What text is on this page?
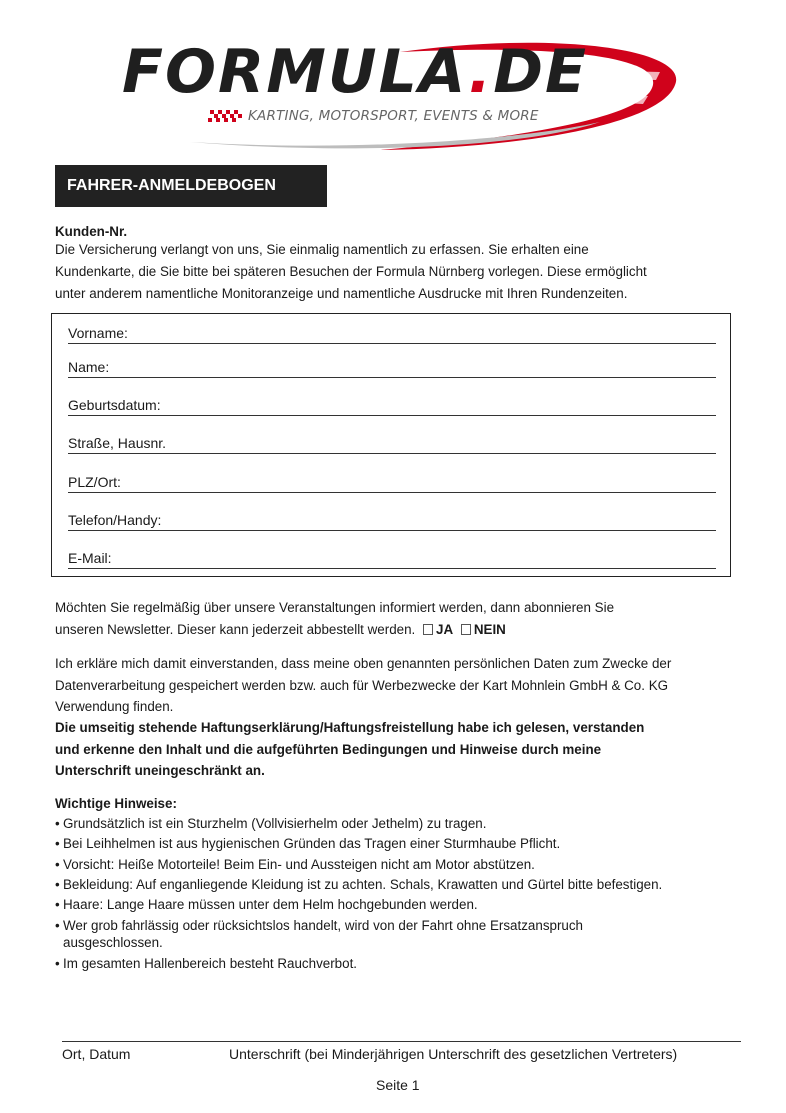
FORMULA.DE
KARTING, MOTORSPORT, EVENTS & MORE
FAHRER-ANMELDEBOGEN
Kunden-Nr.
Die Versicherung verlangt von uns, Sie einmalig namentlich zu erfassen. Sie erhalten eine
Kundenkarte, die Sie bitte bei späteren Besuchen der Formula Nürnberg vorlegen. Diese ermöglicht
unter anderem namentliche Monitoranzeige und namentliche Ausdrucke mit Ihren Rundenzeiten.
Vorname:
Name:
Geburtsdatum:
Straße, Hausnr.
PLZ/Ort:
Telefon/Handy:
E-Mail:
Möchten Sie regelmäßig über unsere Veranstaltungen informiert werden, dann abonnieren Sie
unseren Newsletter. Dieser kann jederzeit abbestellt werden. JA NEIN
Ich erkläre mich damit einverstanden, dass meine oben genannten persönlichen Daten zum Zwecke der
Datenverarbeitung gespeichert werden bzw. auch für Werbezwecke der Kart Mohnlein GmbH & Co. KG
Verwendung finden.
Die umseitig stehende Haftungserklärung/Haftungsfreistellung habe ich gelesen, verstanden
und erkenne den Inhalt und die aufgeführten Bedingungen und Hinweise durch meine
Unterschrift uneingeschränkt an.
Wichtige Hinweise:
• Grundsätzlich ist ein Sturzhelm (Vollvisierhelm oder Jethelm) zu tragen.
• Bei Leihhelmen ist aus hygienischen Gründen das Tragen einer Sturmhaube Pflicht.
• Vorsicht: Heiße Motorteile! Beim Ein- und Aussteigen nicht am Motor abstützen.
• Bekleidung: Auf enganliegende Kleidung ist zu achten. Schals, Krawatten und Gürtel bitte befestigen.
• Haare: Lange Haare müssen unter dem Helm hochgebunden werden.
• Wer grob fahrlässig oder rücksichtslos handelt, wird von der Fahrt ohne Ersatzanspruch
ausgeschlossen.
• Im gesamten Hallenbereich besteht Rauchverbot.
Ort, Datum	Unterschrift (bei Minderjährigen Unterschrift des gesetzlichen Vertreters)
Seite 1
